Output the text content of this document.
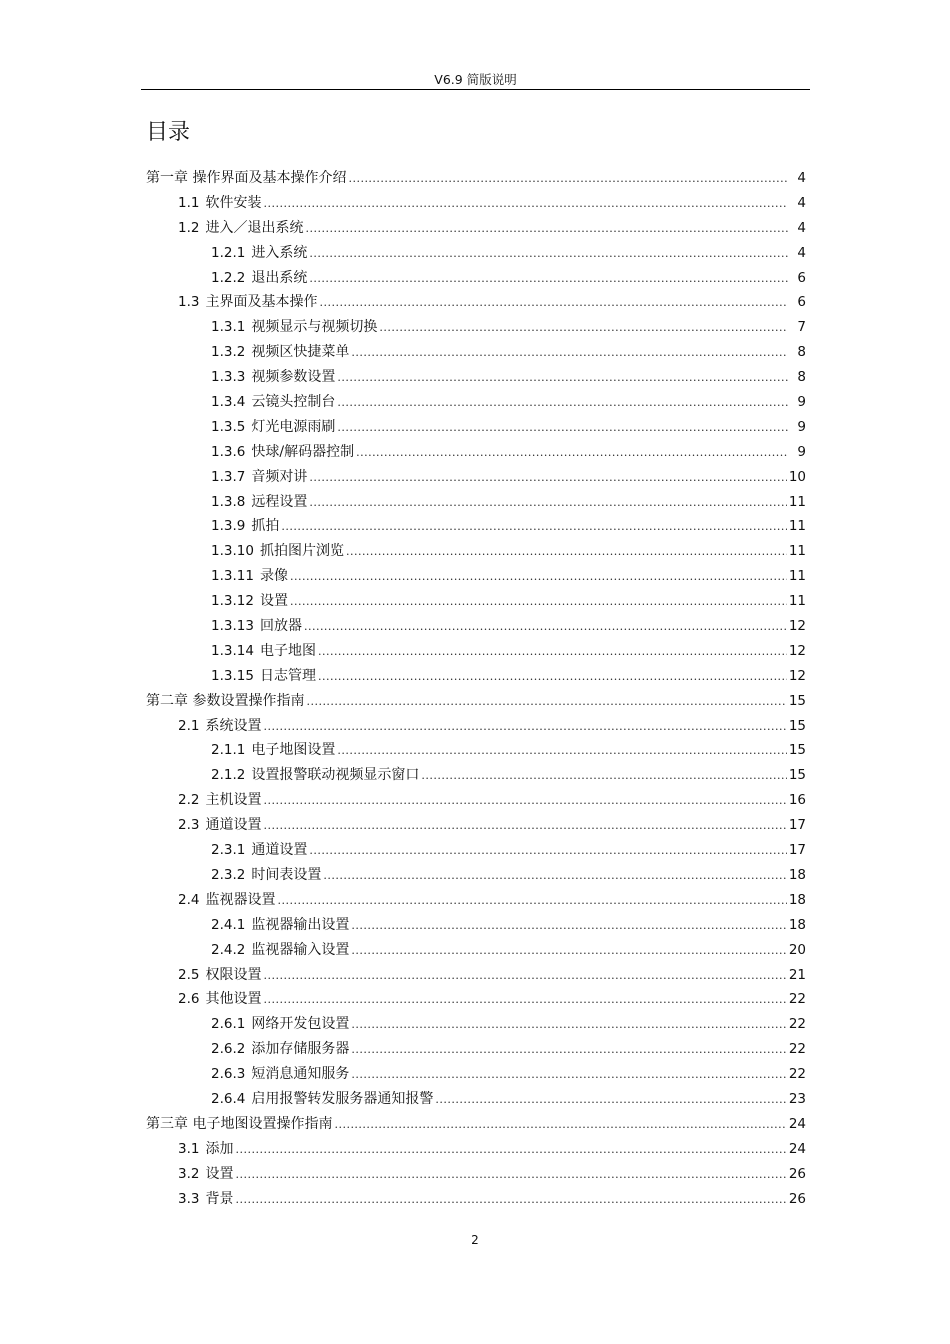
V6.9 简版说明
目录
第一章 操作界面及基本操作介绍 .....	4
1.1 软件安装 .....	4
1.2 进入／退出系统 .....	4
1.2.1 进入系统 .....	4
1.2.2 退出系统 .....	6
1.3 主界面及基本操作 .....	6
1.3.1 视频显示与视频切换 .....	7
1.3.2 视频区快捷菜单 .....	8
1.3.3 视频参数设置 .....	8
1.3.4 云镜头控制台 .....	9
1.3.5 灯光电源雨刷 .....	9
1.3.6 快球/解码器控制 .....	9
1.3.7 音频对讲 .....	10
1.3.8 远程设置 .....	11
1.3.9 抓拍 .....	11
1.3.10 抓拍图片浏览 .....	11
1.3.11 录像 .....	11
1.3.12 设置 .....	11
1.3.13 回放器 .....	12
1.3.14 电子地图 .....	12
1.3.15 日志管理 .....	12
第二章 参数设置操作指南 .....	15
2.1 系统设置 .....	15
2.1.1 电子地图设置 .....	15
2.1.2 设置报警联动视频显示窗口 .....	15
2.2 主机设置 .....	16
2.3 通道设置 .....	17
2.3.1 通道设置 .....	17
2.3.2 时间表设置 .....	18
2.4 监视器设置 .....	18
2.4.1 监视器输出设置 .....	18
2.4.2 监视器输入设置 .....	20
2.5 权限设置 .....	21
2.6 其他设置 .....	22
2.6.1 网络开发包设置 .....	22
2.6.2 添加存储服务器 .....	22
2.6.3 短消息通知服务 .....	22
2.6.4 启用报警转发服务器通知报警 .....	23
第三章 电子地图设置操作指南 .....	24
3.1 添加 .....	24
3.2 设置 .....	26
3.3 背景 .....	26
2
